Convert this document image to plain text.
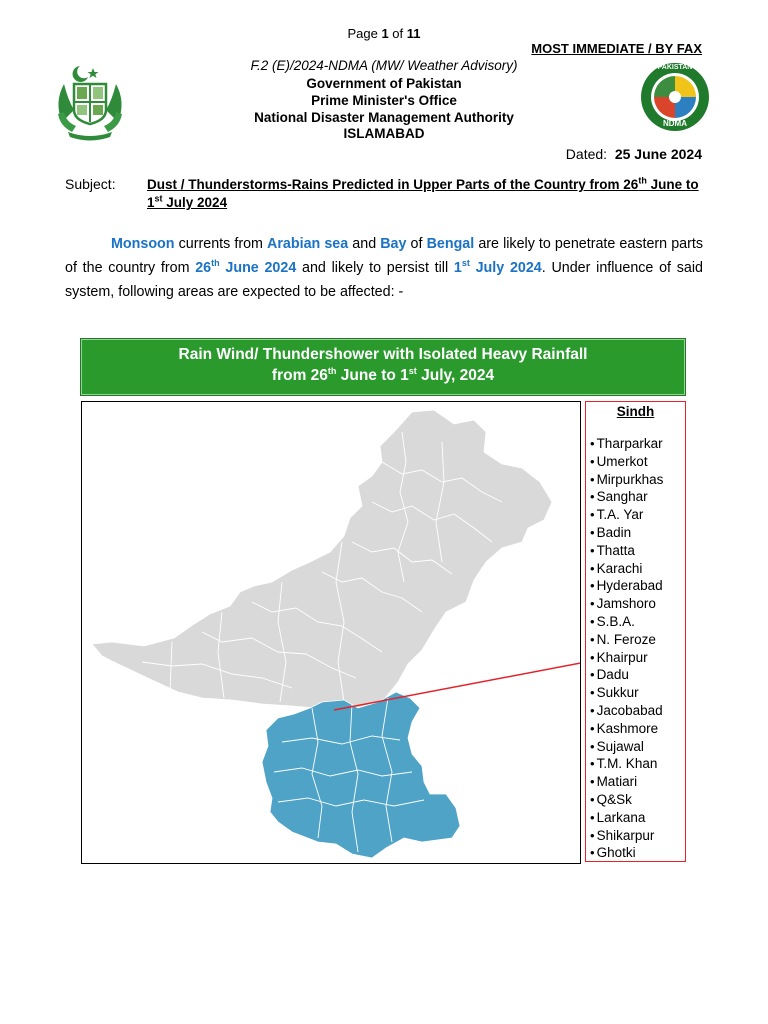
Page 1 of 11
MOST IMMEDIATE / BY FAX
F.2 (E)/2024-NDMA (MW/ Weather Advisory)
Government of Pakistan
Prime Minister's Office
National Disaster Management Authority
ISLAMABAD
PAKISTAN
NDMA
Dated: 25 June 2024
Subject: Dust / Thunderstorms-Rains Predicted in Upper Parts of the Country from 26th June to 1st July 2024
Monsoon currents from Arabian sea and Bay of Bengal are likely to penetrate eastern parts of the country from 26th June 2024 and likely to persist till 1st July 2024. Under influence of said system, following areas are expected to be affected: -
Rain Wind/ Thundershower with Isolated Heavy Rainfall
from 26th June to 1st July, 2024
Sindh
• Tharparkar
• Umerkot
• Mirpurkhas
• Sanghar
• T.A. Yar
• Badin
• Thatta
• Karachi
• Hyderabad
• Jamshoro
• S.B.A.
• N. Feroze
• Khairpur
• Dadu
• Sukkur
• Jacobabad
• Kashmore
• Sujawal
• T.M. Khan
• Matiari
• Q&Sk
• Larkana
• Shikarpur
• Ghotki
